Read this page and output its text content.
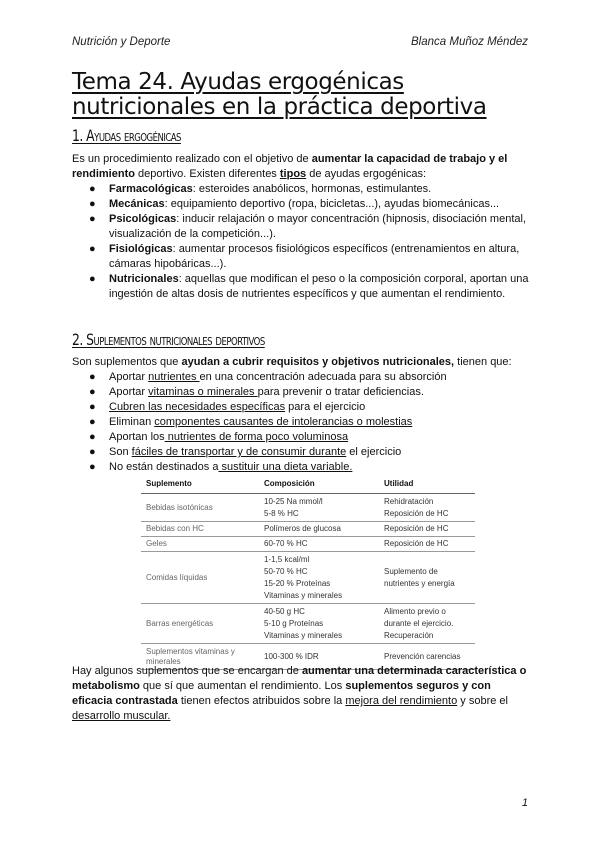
Nutrición y Deporte	Blanca Muñoz Méndez
Tema 24. Ayudas ergogénicas nutricionales en la práctica deportiva
1. Ayudas ergogénicas

Es un procedimiento realizado con el objetivo de aumentar la capacidad de trabajo y el rendimiento deportivo. Existen diferentes tipos de ayudas ergogénicas:

● Farmacológicas: esteroides anabólicos, hormonas, estimulantes.
● Mecánicas: equipamiento deportivo (ropa, bicicletas...), ayudas biomecánicas...
● Psicológicas: inducir relajación o mayor concentración (hipnosis, disociación mental, visualización de la competición...).
● Fisiológicas: aumentar procesos fisiológicos específicos (entrenamientos en altura, cámaras hipobáricas...).
● Nutricionales: aquellas que modifican el peso o la composición corporal, aportan una ingestión de altas dosis de nutrientes específicos y que aumentan el rendimiento.
2. Suplementos nutricionales deportivos

Son suplementos que ayudan a cubrir requisitos y objetivos nutricionales, tienen que:

● Aportar nutrientes en una concentración adecuada para su absorción
● Aportar vitaminas o minerales para prevenir o tratar deficiencias.
● Cubren las necesidades específicas para el ejercicio
● Eliminan componentes causantes de intolerancias o molestias
● Aportan los nutrientes de forma poco voluminosa
● Son fáciles de transportar y de consumir durante el ejercicio
● No están destinados a sustituir una dieta variable.
Suplemento	Composición	Utilidad
Bebidas isotónicas	10-25 Na mmol/l
5-8 % HC	Rehidratación
Reposición de HC

Bebidas con HC	Polímeros de glucosa	Reposición de HC

Geles	60-70 % HC	Reposición de HC

Comidas líquidas	1-1,5 kcal/ml
50-70 % HC
15-20 % Proteínas
Vitaminas y minerales	Suplemento de
nutrientes y energía

Barras energéticas	40-50 g HC
5-10 g Proteínas
Vitaminas y minerales	Alimento previo o
durante el ejercicio.
Recuperación

Suplementos vitaminas y minerales	100-300 % IDR	Prevención carencias

Hay algunos suplementos que se encargan de aumentar una determinada característica o metabolismo que sí que aumentan el rendimiento. Los suplementos seguros y con eficacia contrastada tienen efectos atribuidos sobre la mejora del rendimiento y sobre el desarrollo muscular.

1
